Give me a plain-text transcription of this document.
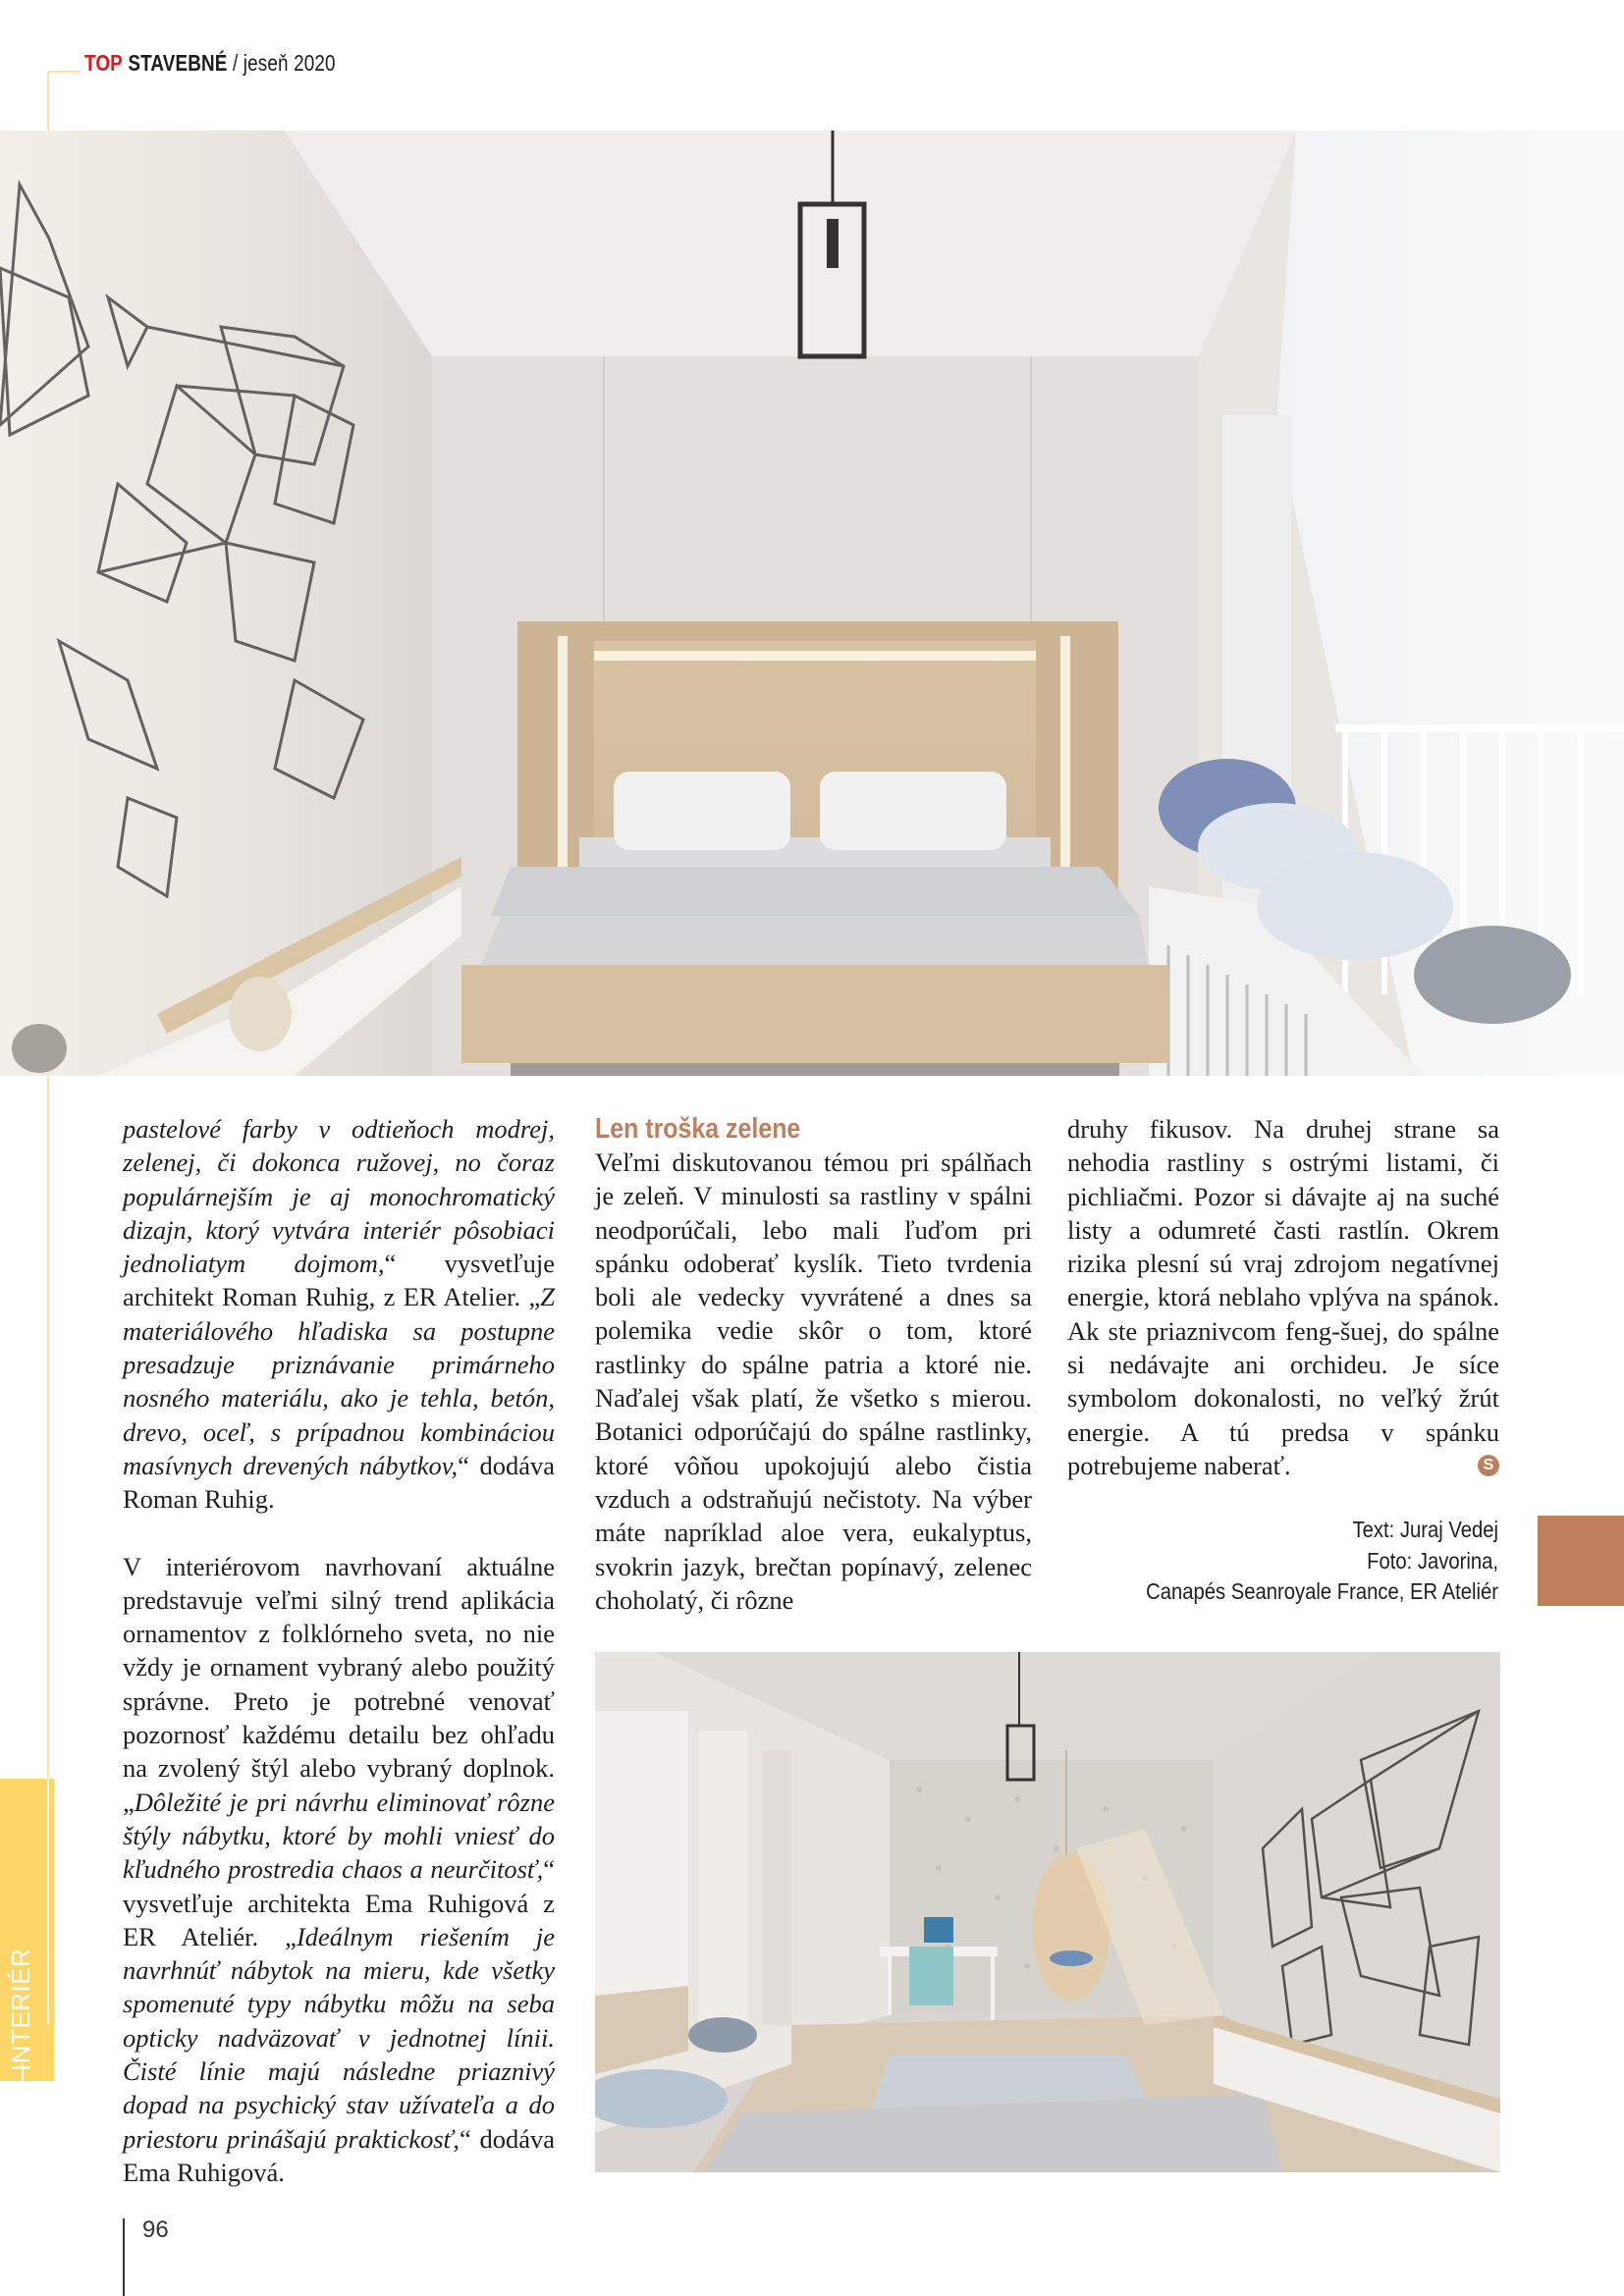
TOP STAVEBNÉ / jeseň 2020
INTERIÉR

pastelové farby v odtieňoch modrej, zelenej, či dokonca ružovej, no čoraz populárnejším je aj monochromatický dizajn, ktorý vytvára interiér pôsobiaci jednoliatym dojmom,“ vysvetľuje architekt Roman Ruhig, z ER Atelier. „Z materiálového hľadiska sa postupne presadzuje priznávanie primárneho nosného materiálu, ako je tehla, betón, drevo, oceľ, s prípadnou kombináciou masívnych drevených nábytkov,“ dodáva Roman Ruhig.

V interiérovom navrhovaní aktuálne predstavuje veľmi silný trend aplikácia ornamentov z folklórneho sveta, no nie vždy je ornament vybraný alebo použitý správne. Preto je potrebné venovať pozornosť každému detailu bez ohľadu na zvolený štýl alebo vybraný doplnok. „Dôležité je pri návrhu eliminovať rôzne štýly nábytku, ktoré by mohli vniesť do kľudného prostredia chaos a neurčitosť,“ vysvetľuje architekta Ema Ruhigová z ER Ateliér. „Ideálnym riešením je navrhnúť nábytok na mieru, kde všetky spomenuté typy nábytku môžu na seba opticky nadväzovať v jednotnej línii. Čisté línie majú následne priaznivý dopad na psychický stav užívateľa a do priestoru prinášajú praktickosť,“ dodáva Ema Ruhigová.

Len troška zelene

Veľmi diskutovanou témou pri spálňach je zeleň. V minulosti sa rastliny v spálni neodporúčali, lebo mali ľuďom pri spánku odoberať kyslík. Tieto tvrdenia boli ale vedecky vyvrátené a dnes sa polemika vedie skôr o tom, ktoré rastlinky do spálne patria a ktoré nie. Naďalej však platí, že všetko s mierou. Botanici odporúčajú do spálne rastlinky, ktoré vôňou upokojujú alebo čistia vzduch a odstraňujú nečistoty. Na výber máte napríklad aloe vera, eukalyptus, svokrin jazyk, brečtan popínavý, zelenec choholatý, či rôzne

druhy fikusov. Na druhej strane sa nehodia rastliny s ostrými listami, či pichliačmi. Pozor si dávajte aj na suché listy a odumreté časti rastlín. Okrem rizika plesní sú vraj zdrojom negatívnej energie, ktorá neblaho vplýva na spánok. Ak ste priaznivcom feng-šuej, do spálne si nedávajte ani orchideu. Je síce symbolom dokonalosti, no veľký žrút energie. A tú predsa v spánku potrebujeme naberať.	S

Text: Juraj Vedej
Foto: Javorina,
Canapés Seanroyale France, ER Ateliér
96
